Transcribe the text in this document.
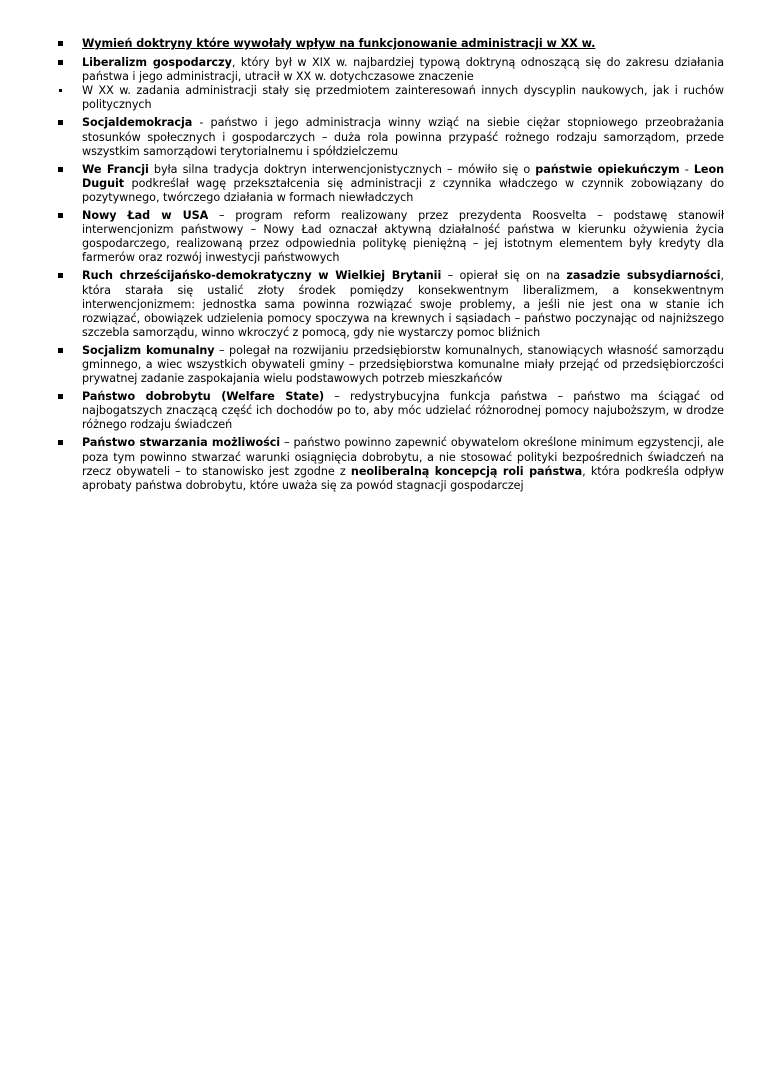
Wymień doktryny które wywołały wpływ na funkcjonowanie administracji w XX w.
Liberalizm gospodarczy, który był w XIX w. najbardziej typową doktryną odnoszącą się do zakresu działania państwa i jego administracji, utracił w XX w. dotychczasowe znaczenie
W XX w. zadania administracji stały się przedmiotem zainteresowań innych dyscyplin naukowych, jak i ruchów politycznych
Socjaldemokracja - państwo i jego administracja winny wziąć na siebie ciężar stopniowego przeobrażania stosunków społecznych i gospodarczych – duża rola powinna przypaść rożnego rodzaju samorządom, przede wszystkim samorządowi terytorialnemu i spółdzielczemu
We Francji była silna tradycja doktryn interwencjonistycznych – mówiło się o państwie opiekuńczym - Leon Duguit podkreślał wagę przekształcenia się administracji z czynnika władczego w czynnik zobowiązany do pozytywnego, twórczego działania w formach niewładczych
Nowy Ład w USA – program reform realizowany przez prezydenta Roosvelta – podstawę stanowił interwencjonizm państwowy – Nowy Ład oznaczał aktywną działalność państwa w kierunku ożywienia życia gospodarczego, realizowaną przez odpowiednia politykę pieniężną – jej istotnym elementem były kredyty dla farmerów oraz rozwój inwestycji państwowych
Ruch chrześcijańsko-demokratyczny w Wielkiej Brytanii – opierał się on na zasadzie subsydiarności, która starała się ustalić złoty środek pomiędzy konsekwentnym liberalizmem, a konsekwentnym interwencjonizmem: jednostka sama powinna rozwiązać swoje problemy, a jeśli nie jest ona w stanie ich rozwiązać, obowiązek udzielenia pomocy spoczywa na krewnych i sąsiadach – państwo poczynając od najniższego szczebla samorządu, winno wkroczyć z pomocą, gdy nie wystarczy pomoc bliźnich
Socjalizm komunalny – polegał na rozwijaniu przedsiębiorstw komunalnych, stanowiących własność samorządu gminnego, a wiec wszystkich obywateli gminy – przedsiębiorstwa komunalne miały przejąć od przedsiębiorczości prywatnej zadanie zaspokajania wielu podstawowych potrzeb mieszkańców
Państwo dobrobytu (Welfare State) – redystrybucyjna funkcja państwa – państwo ma ściągać od najbogatszych znaczącą część ich dochodów po to, aby móc udzielać różnorodnej pomocy najuboższym, w drodze różnego rodzaju świadczeń
Państwo stwarzania możliwości – państwo powinno zapewnić obywatelom określone minimum egzystencji, ale poza tym powinno stwarzać warunki osiągnięcia dobrobytu, a nie stosować polityki bezpośrednich świadczeń na rzecz obywateli – to stanowisko jest zgodne z neoliberalną koncepcją roli państwa, która podkreśla odpływ aprobaty państwa dobrobytu, które uważa się za powód stagnacji gospodarczej
